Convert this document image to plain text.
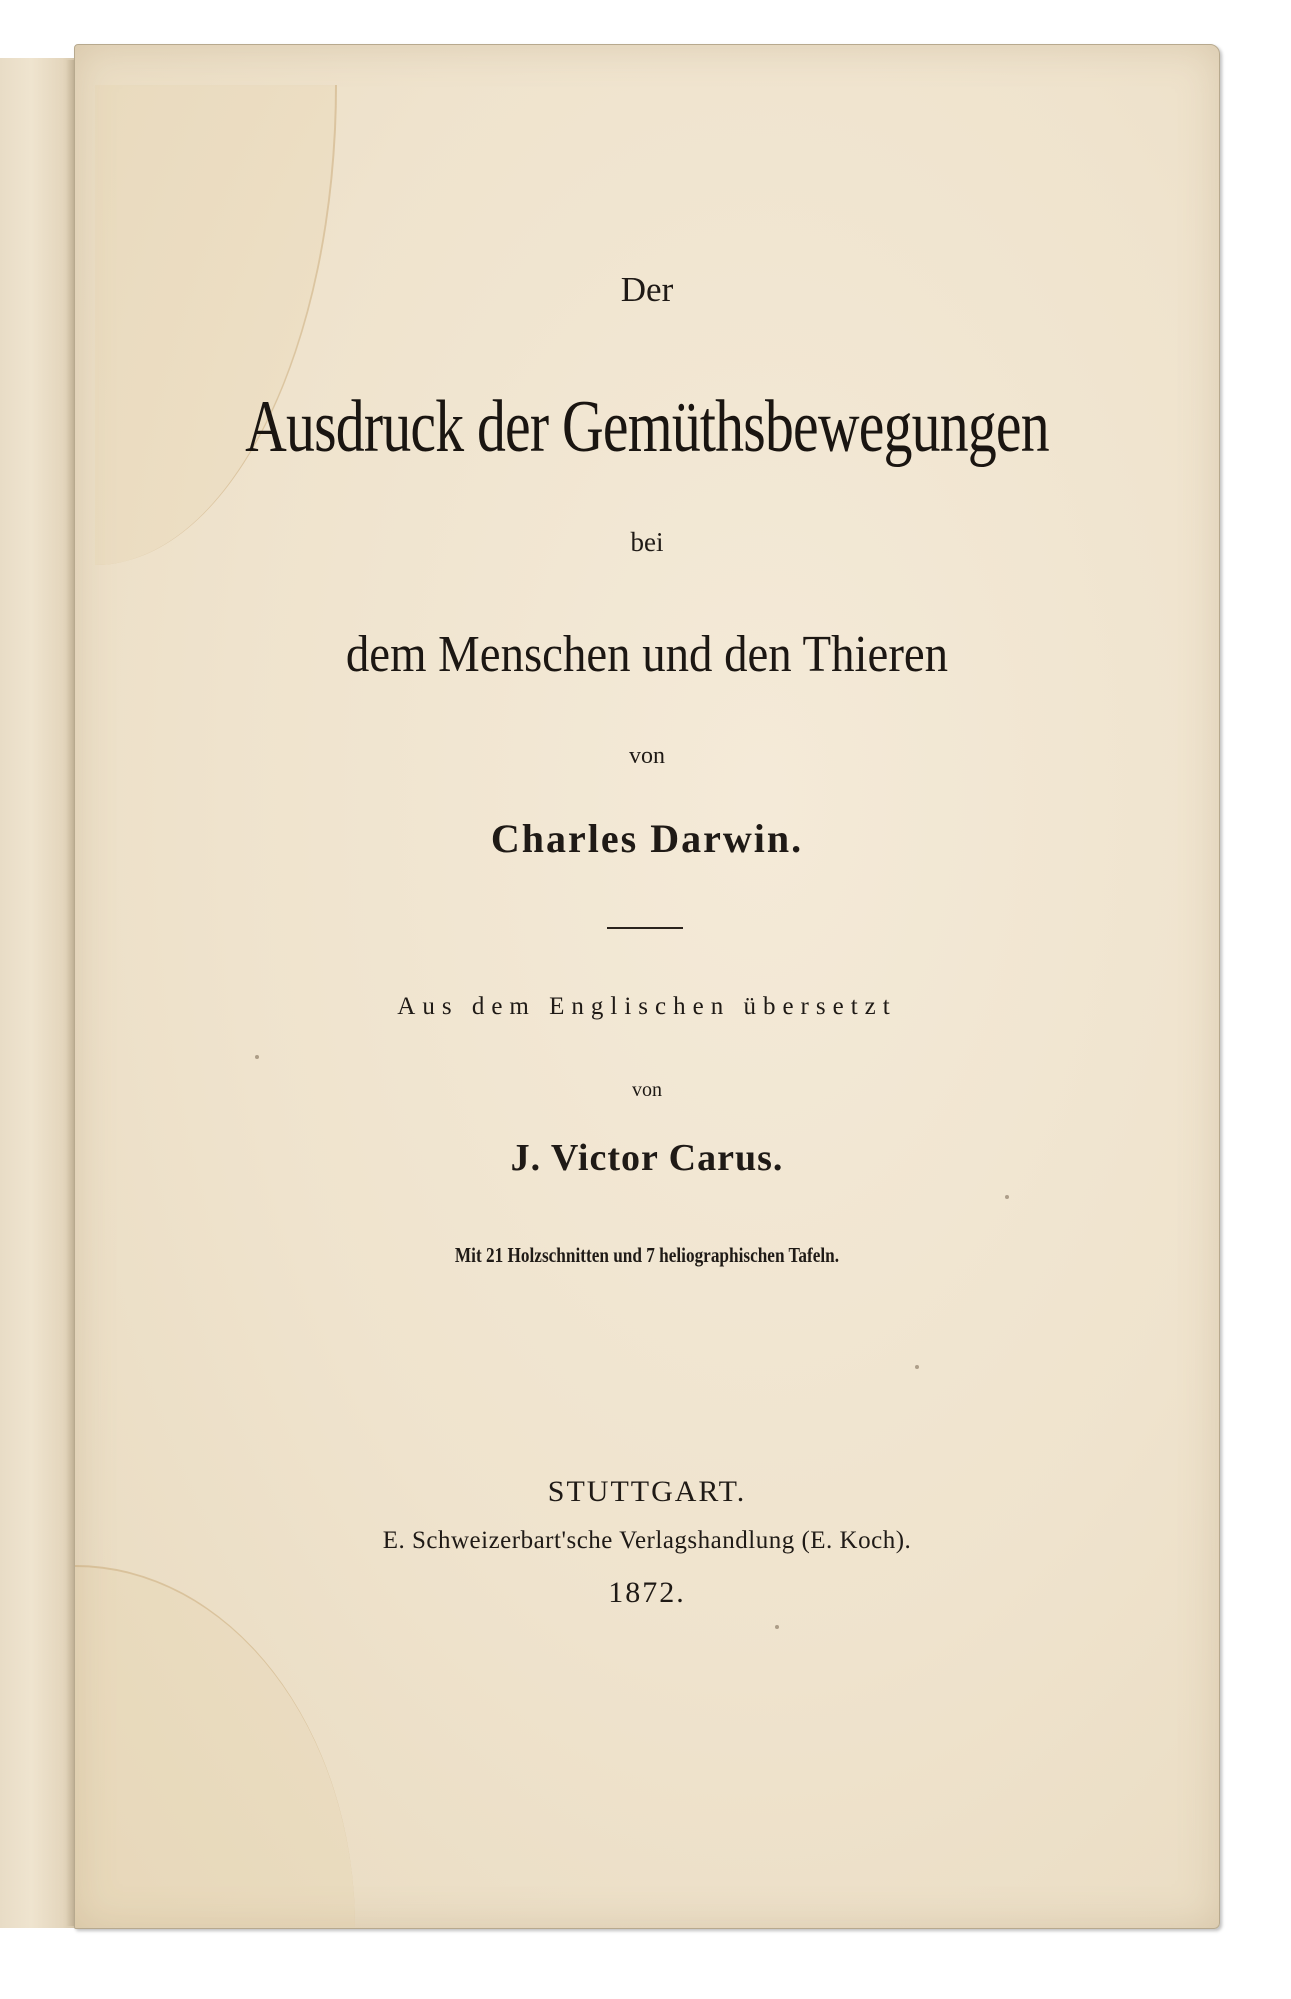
Der

Ausdruck der Gemüthsbewegungen

bei

dem Menschen und den Thieren

von

Charles Darwin.

Aus dem Englischen übersetzt

von

J. Victor Carus.

Mit 21 Holzschnitten und 7 heliographischen Tafeln.

STUTTGART.

E. Schweizerbart'sche Verlagshandlung (E. Koch).

1872.
